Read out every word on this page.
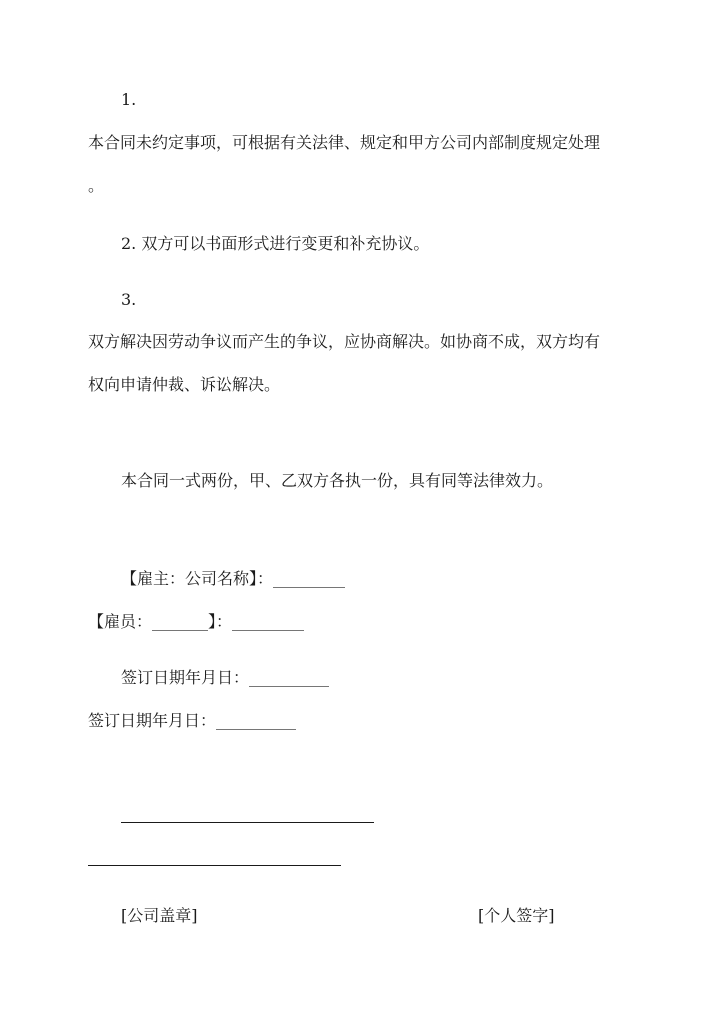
1.
本合同未约定事项，可根据有关法律、规定和甲方公司内部制度规定处理
。
2. 双方可以书面形式进行变更和补充协议。
3.
双方解决因劳动争议而产生的争议，应协商解决。如协商不成，双方均有
权向申请仲裁、诉讼解决。
本合同一式两份，甲、乙双方各执一份，具有同等法律效力。
【雇主：公司名称】：_________
【雇员：_______】：_________
签订日期年月日：__________
签订日期年月日：__________
[公司盖章]	[个人签字]
